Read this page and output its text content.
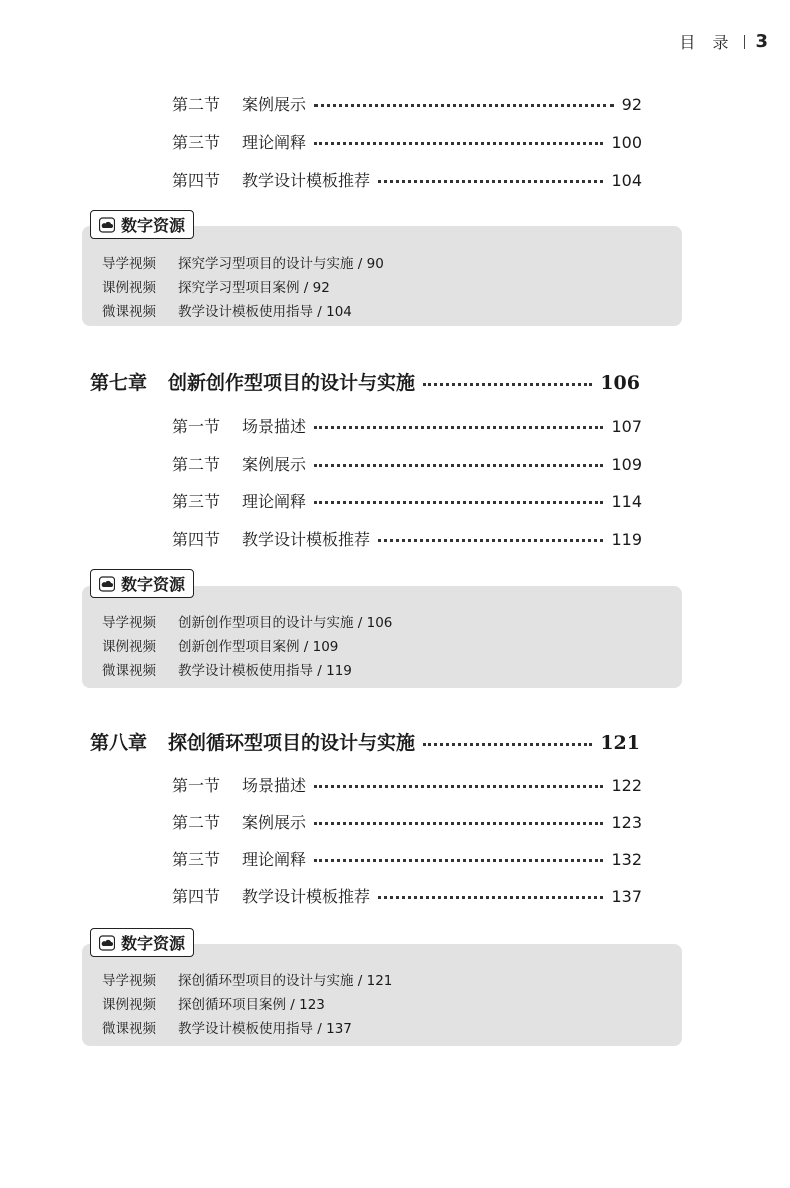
目 录 3
第二节	案例展示	92
第三节	理论阐释	100
第四节	教学设计模板推荐	104
数字资源
导学视频 探究学习型项目的设计与实施 / 90
课例视频 探究学习型项目案例 / 92
微课视频 教学设计模板使用指导 / 104
第七章	创新创作型项目的设计与实施	106
第一节	场景描述	107
第二节	案例展示	109
第三节	理论阐释	114
第四节	教学设计模板推荐	119
数字资源
导学视频 创新创作型项目的设计与实施 / 106
课例视频 创新创作型项目案例 / 109
微课视频 教学设计模板使用指导 / 119
第八章	探创循环型项目的设计与实施	121
第一节	场景描述	122
第二节	案例展示	123
第三节	理论阐释	132
第四节	教学设计模板推荐	137
数字资源
导学视频 探创循环型项目的设计与实施 / 121
课例视频 探创循环项目案例 / 123
微课视频 教学设计模板使用指导 / 137
